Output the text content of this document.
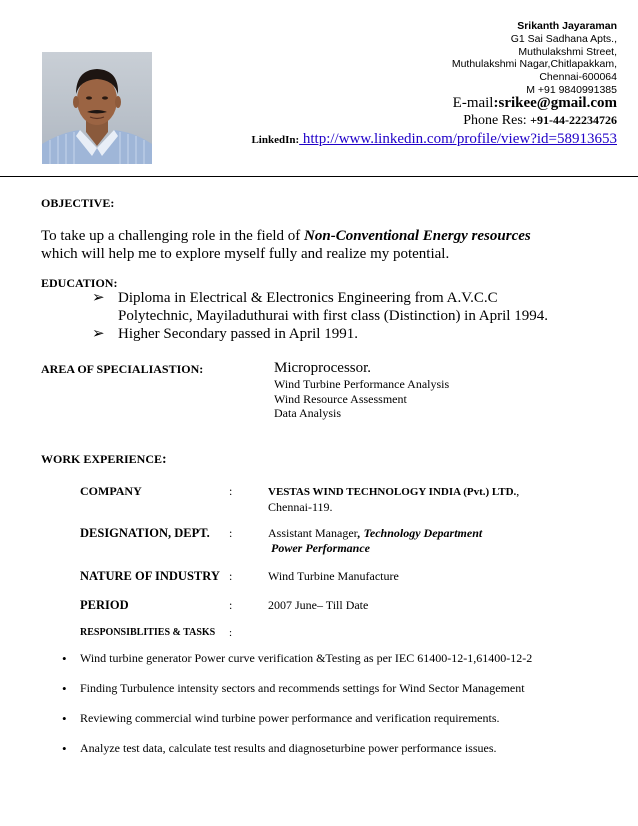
Srikanth Jayaraman
G1 Sai Sadhana Apts.,
Muthulakshmi Street,
Muthulakshmi Nagar,Chitlapakkam,
Chennai-600064
M +91 9840991385
E-mail:srikee@gmail.com
Phone Res: +91-44-22234726
LinkedIn: http://www.linkedin.com/profile/view?id=58913653
OBJECTIVE:
To take up a challenging role in the field of Non-Conventional Energy resources
which will help me to explore myself fully and realize my potential.
EDUCATION:
➢ Diploma in Electrical & Electronics Engineering from A.V.C.C
Polytechnic, Mayiladuthurai with first class (Distinction) in April 1994.
➢ Higher Secondary passed in April 1991.
AREA OF SPECIALIASTION:	Microprocessor.
Wind Turbine Performance Analysis
Wind Resource Assessment
Data Analysis
WORK EXPERIENCE:
COMPANY	:	VESTAS WIND TECHNOLOGY INDIA (Pvt.) LTD.,
Chennai-119.
DESIGNATION, DEPT. :	Assistant Manager, Technology Department
Power Performance
NATURE OF INDUSTRY :	Wind Turbine Manufacture
PERIOD	:	2007 June– Till Date
RESPONSIBLITIES & TASKS :
• Wind turbine generator Power curve verification &Testing as per IEC 61400-12-1,61400-12-2
• Finding Turbulence intensity sectors and recommends settings for Wind Sector Management
• Reviewing commercial wind turbine power performance and verification requirements.
• Analyze test data, calculate test results and diagnoseturbine power performance issues.
